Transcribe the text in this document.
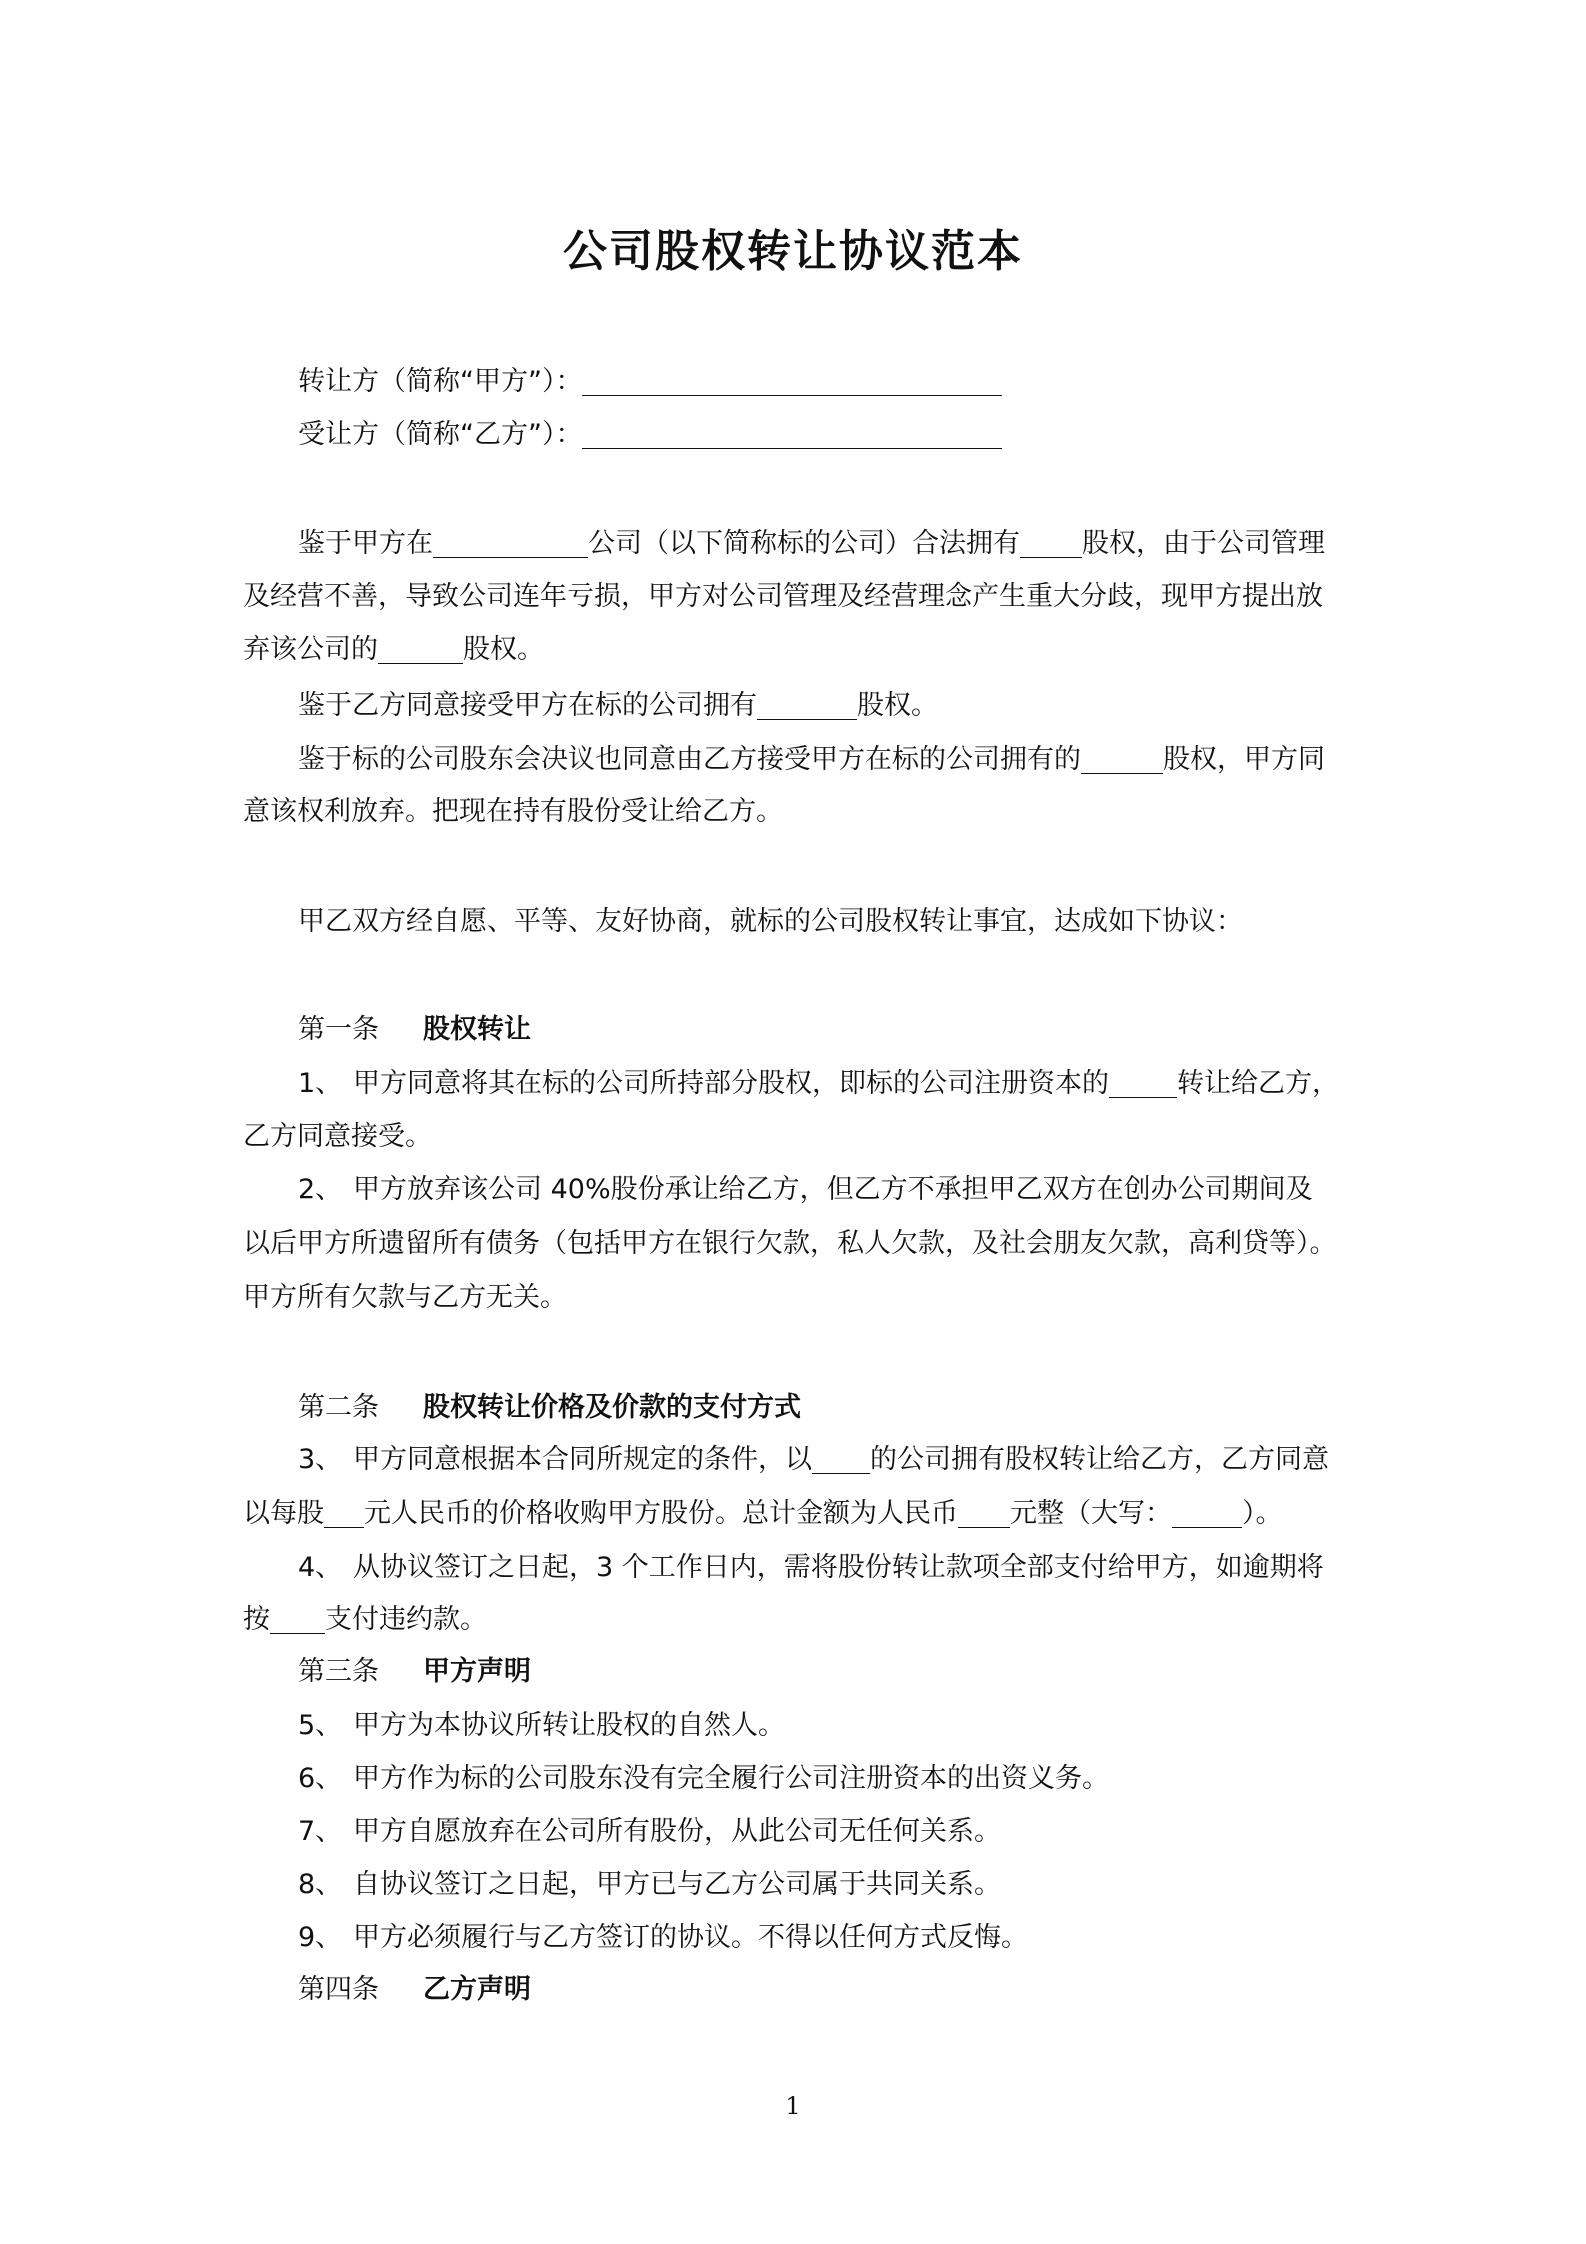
公司股权转让协议范本
转让方（简称“甲方”）：
受让方（简称“乙方”）：
鉴于甲方在	公司（以下简称标的公司）合法拥有 股权，由于公司管理
及经营不善，导致公司连年亏损，甲方对公司管理及经营理念产生重大分歧，现甲方提出放
弃该公司的	股权。
鉴于乙方同意接受甲方在标的公司拥有	股权。
鉴于标的公司股东会决议也同意由乙方接受甲方在标的公司拥有的	股权，甲方同
意该权利放弃。把现在持有股份受让给乙方。
甲乙双方经自愿、平等、友好协商，就标的公司股权转让事宜，达成如下协议：
第一条 股权转让
1、 甲方同意将其在标的公司所持部分股权，即标的公司注册资本的	转让给乙方，
乙方同意接受。
2、 甲方放弃该公司 40%股份承让给乙方，但乙方不承担甲乙双方在创办公司期间及
以后甲方所遗留所有债务（包括甲方在银行欠款，私人欠款，及社会朋友欠款，高利贷等）。
甲方所有欠款与乙方无关。
第二条 股权转让价格及价款的支付方式
3、 甲方同意根据本合同所规定的条件，以 的公司拥有股权转让给乙方，乙方同意
以每股 元人民币的价格收购甲方股份。总计金额为人民币 元整（大写：	）。
4、 从协议签订之日起，3 个工作日内，需将股份转让款项全部支付给甲方，如逾期将
按 支付违约款。
第三条 甲方声明
5、 甲方为本协议所转让股权的自然人。
6、 甲方作为标的公司股东没有完全履行公司注册资本的出资义务。
7、 甲方自愿放弃在公司所有股份，从此公司无任何关系。
8、 自协议签订之日起，甲方已与乙方公司属于共同关系。
9、 甲方必须履行与乙方签订的协议。不得以任何方式反悔。
第四条 乙方声明
1
